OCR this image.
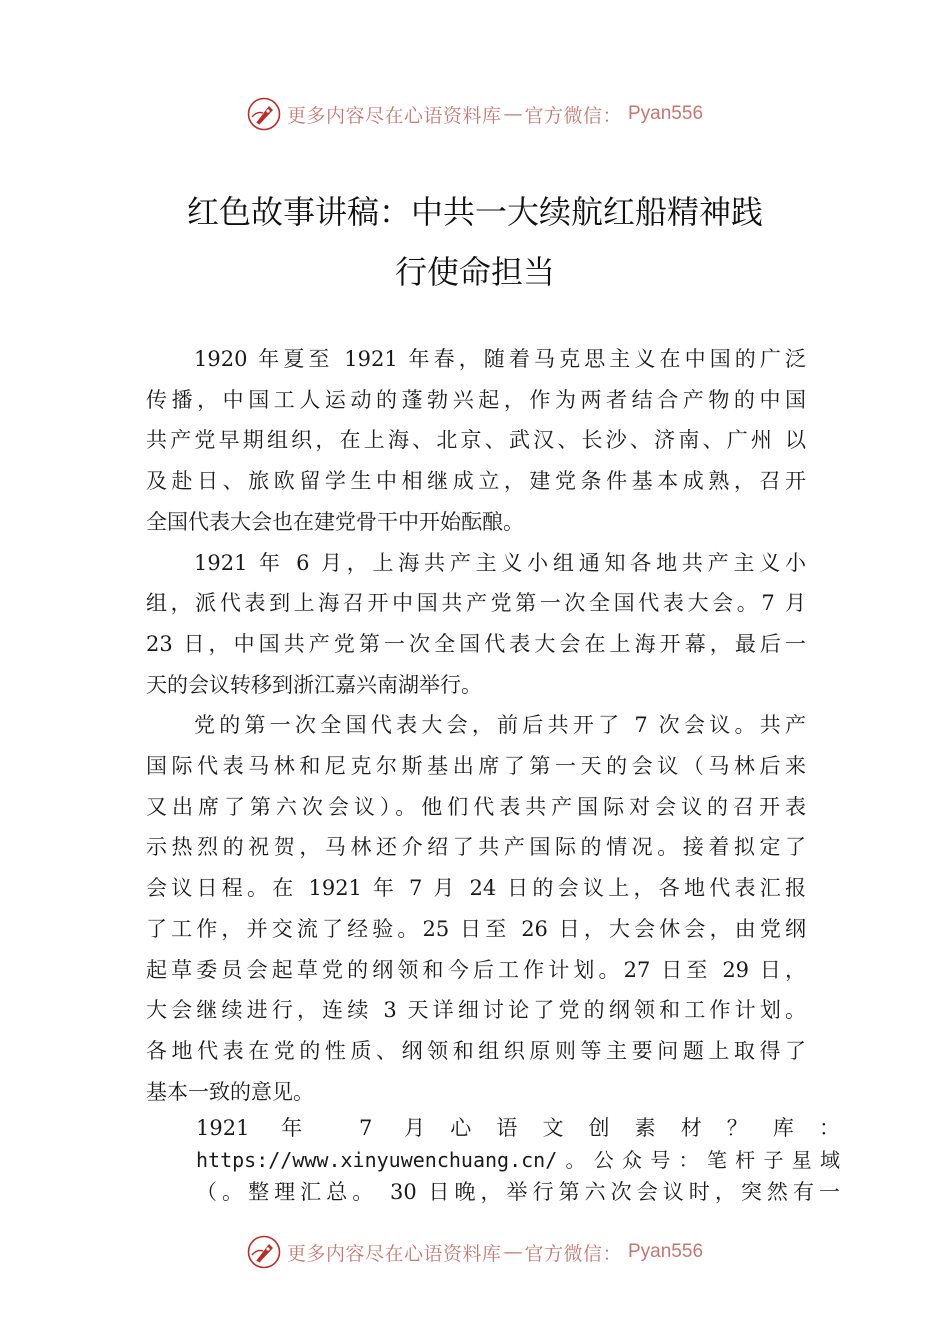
更多内容尽在心语资料库 — 官方微信： Pyan556
红色故事讲稿：中共一大续航红船精神践
行使命担当
1920 年夏至 1921 年春，随着马克思主义在中国的广泛
传播，中国工人运动的蓬勃兴起，作为两者结合产物的中国
共产党早期组织，在上海、北京、武汉、长沙、济南、广州 以
及赴日、旅欧留学生中相继成立，建党条件基本成熟，召开
全国代表大会也在建党骨干中开始酝酿。
1921 年 6 月，上海共产主义小组通知各地共产主义小
组，派代表到上海召开中国共产党第一次全国代表大会。7 月
23 日，中国共产党第一次全国代表大会在上海开幕，最后一
天的会议转移到浙江嘉兴南湖举行。
党的第一次全国代表大会，前后共开了 7 次会议。共产
国际代表马林和尼克尔斯基出席了第一天的会议（马林后来
又出席了第六次会议）。他们代表共产国际对会议的召开表
示热烈的祝贺，马林还介绍了共产国际的情况。接着拟定了
会议日程。在 1921 年 7 月 24 日的会议上，各地代表汇报
了工作，并交流了经验。25 日至 26 日，大会休会，由党纲
起草委员会起草党的纲领和今后工作计划。27 日至 29 日，
大会继续进行，连续 3 天详细讨论了党的纲领和工作计划。
各地代表在党的性质、纲领和组织原则等主要问题上取得了
基本一致的意见。
1921 年 7 月心语文创素材？库：
https://www.xinyuwenchuang.cn/。公众号：笔杆子星域
（。整理汇总。 30 日晚，举行第六次会议时，突然有一
更多内容尽在心语资料库 — 官方微信： Pyan556
